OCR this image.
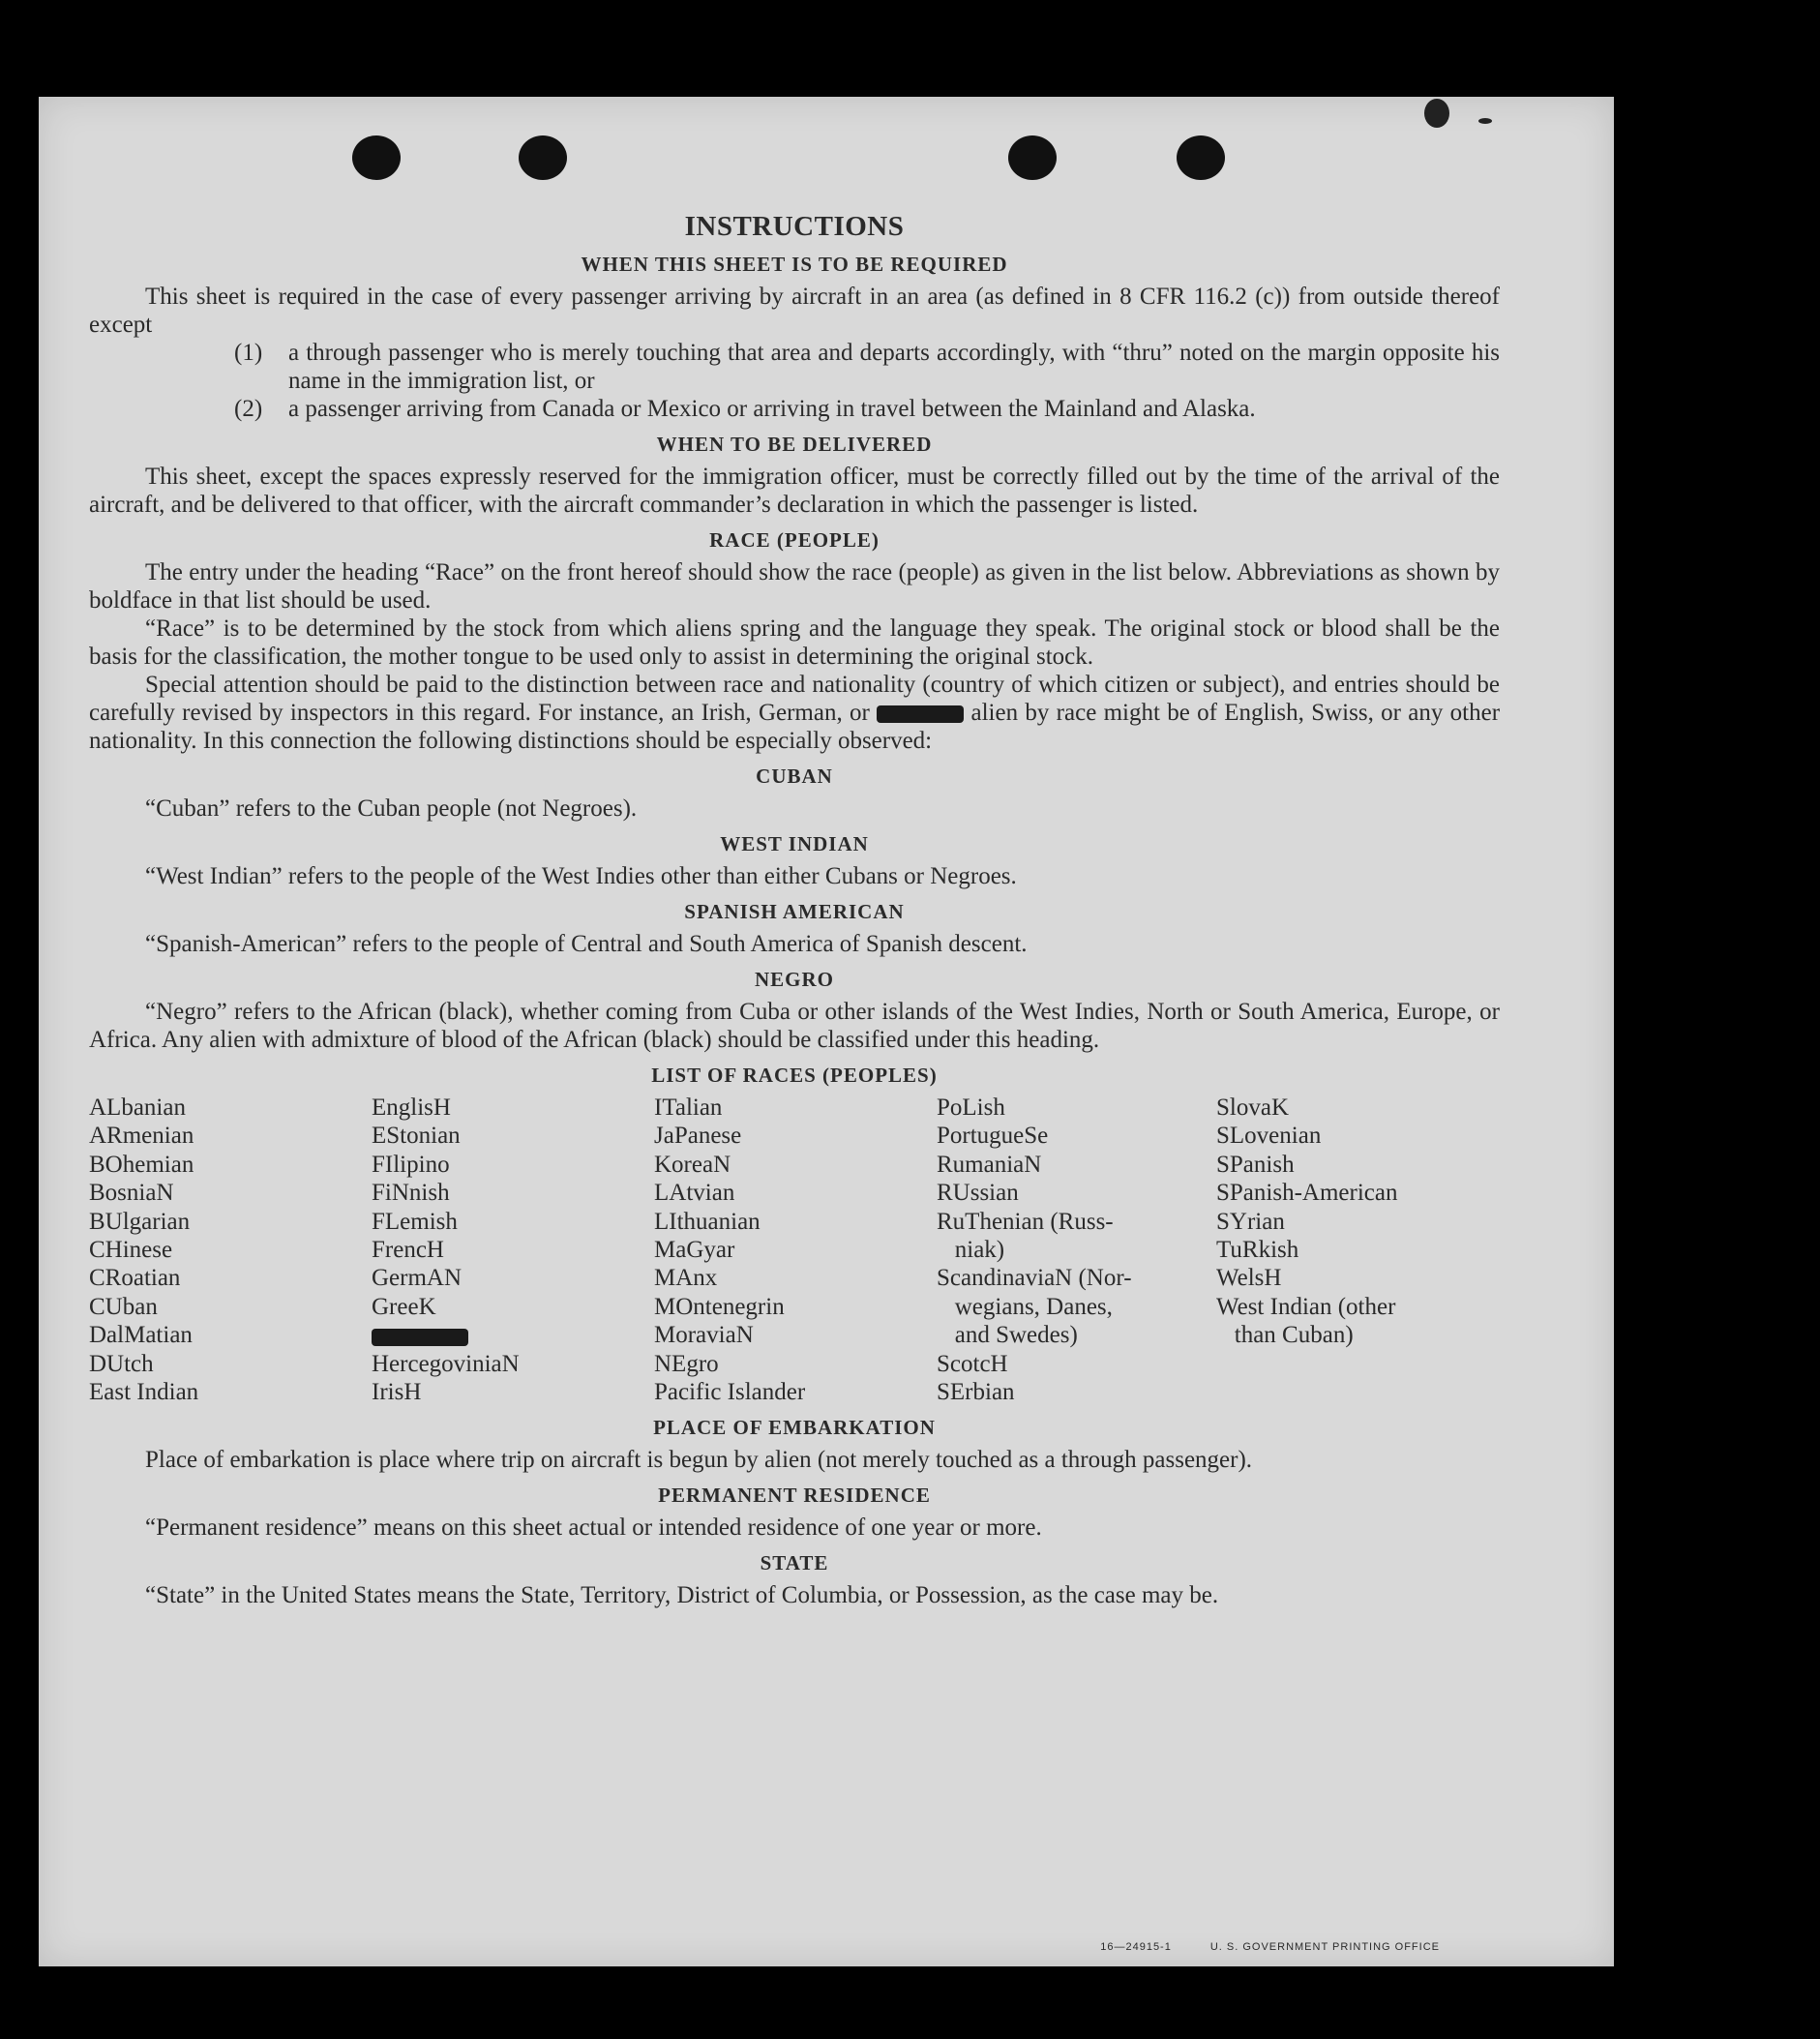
INSTRUCTIONS
WHEN THIS SHEET IS TO BE REQUIRED

This sheet is required in the case of every passenger arriving by aircraft in an area (as defined in 8 CFR 116.2 (c)) from outside thereof except

(1) a through passenger who is merely touching that area and departs accordingly, with “thru” noted on the margin opposite his name in the immigration list, or
(2) a passenger arriving from Canada or Mexico or arriving in travel between the Mainland and Alaska.
WHEN TO BE DELIVERED

This sheet, except the spaces expressly reserved for the immigration officer, must be correctly filled out by the time of the arrival of the aircraft, and be delivered to that officer, with the aircraft commander’s declaration in which the passenger is listed.

RACE (PEOPLE)

The entry under the heading “Race” on the front hereof should show the race (people) as given in the list below. Abbreviations as shown by boldface in that list should be used.

“Race” is to be determined by the stock from which aliens spring and the language they speak. The original stock or blood shall be the basis for the classification, the mother tongue to be used only to assist in determining the original stock.

Special attention should be paid to the distinction between race and nationality (country of which citizen or subject), and entries should be carefully revised by inspectors in this regard. For instance, an Irish, German, or	alien by race might be of English, Swiss, or any other nationality. In this connection the following distinctions should be especially observed:

CUBAN

“Cuban” refers to the Cuban people (not Negroes).

WEST INDIAN

“West Indian” refers to the people of the West Indies other than either Cubans or Negroes.

SPANISH AMERICAN

“Spanish-American” refers to the people of Central and South America of Spanish descent.

NEGRO

“Negro” refers to the African (black), whether coming from Cuba or other islands of the West Indies, North or South America, Europe, or Africa. Any alien with admixture of blood of the African (black) should be classified under this heading.

LIST OF RACES (PEOPLES)
ALbanian
ARmenian
BOhemian
BosniaN
BUlgarian
CHinese
CRoatian
CUban
DalMatian
DUtch
East Indian
EnglisH
EStonian
FIlipino
FiNnish
FLemish
FrencH
GermAN
GreeK
HercegoviniaN
IrisH
ITalian
JaPanese
KoreaN
LAtvian
LIthuanian
MaGyar
MAnx
MOntenegrin
MoraviaN
NEgro
Pacific Islander
PoLish
PortugueSe
RumaniaN
RUssian
RuThenian (Russ-
niak)
ScandinaviaN (Nor-
wegians, Danes,
and Swedes)
ScotcH
SErbian
SlovaK
SLovenian
SPanish
SPanish-American
SYrian
TuRkish
WelsH
West Indian (other
than Cuban)
PLACE OF EMBARKATION

Place of embarkation is place where trip on aircraft is begun by alien (not merely touched as a through passenger).

PERMANENT RESIDENCE

“Permanent residence” means on this sheet actual or intended residence of one year or more.

STATE

“State” in the United States means the State, Territory, District of Columbia, or Possession, as the case may be.

16—24915-1	U. S. GOVERNMENT PRINTING OFFICE
